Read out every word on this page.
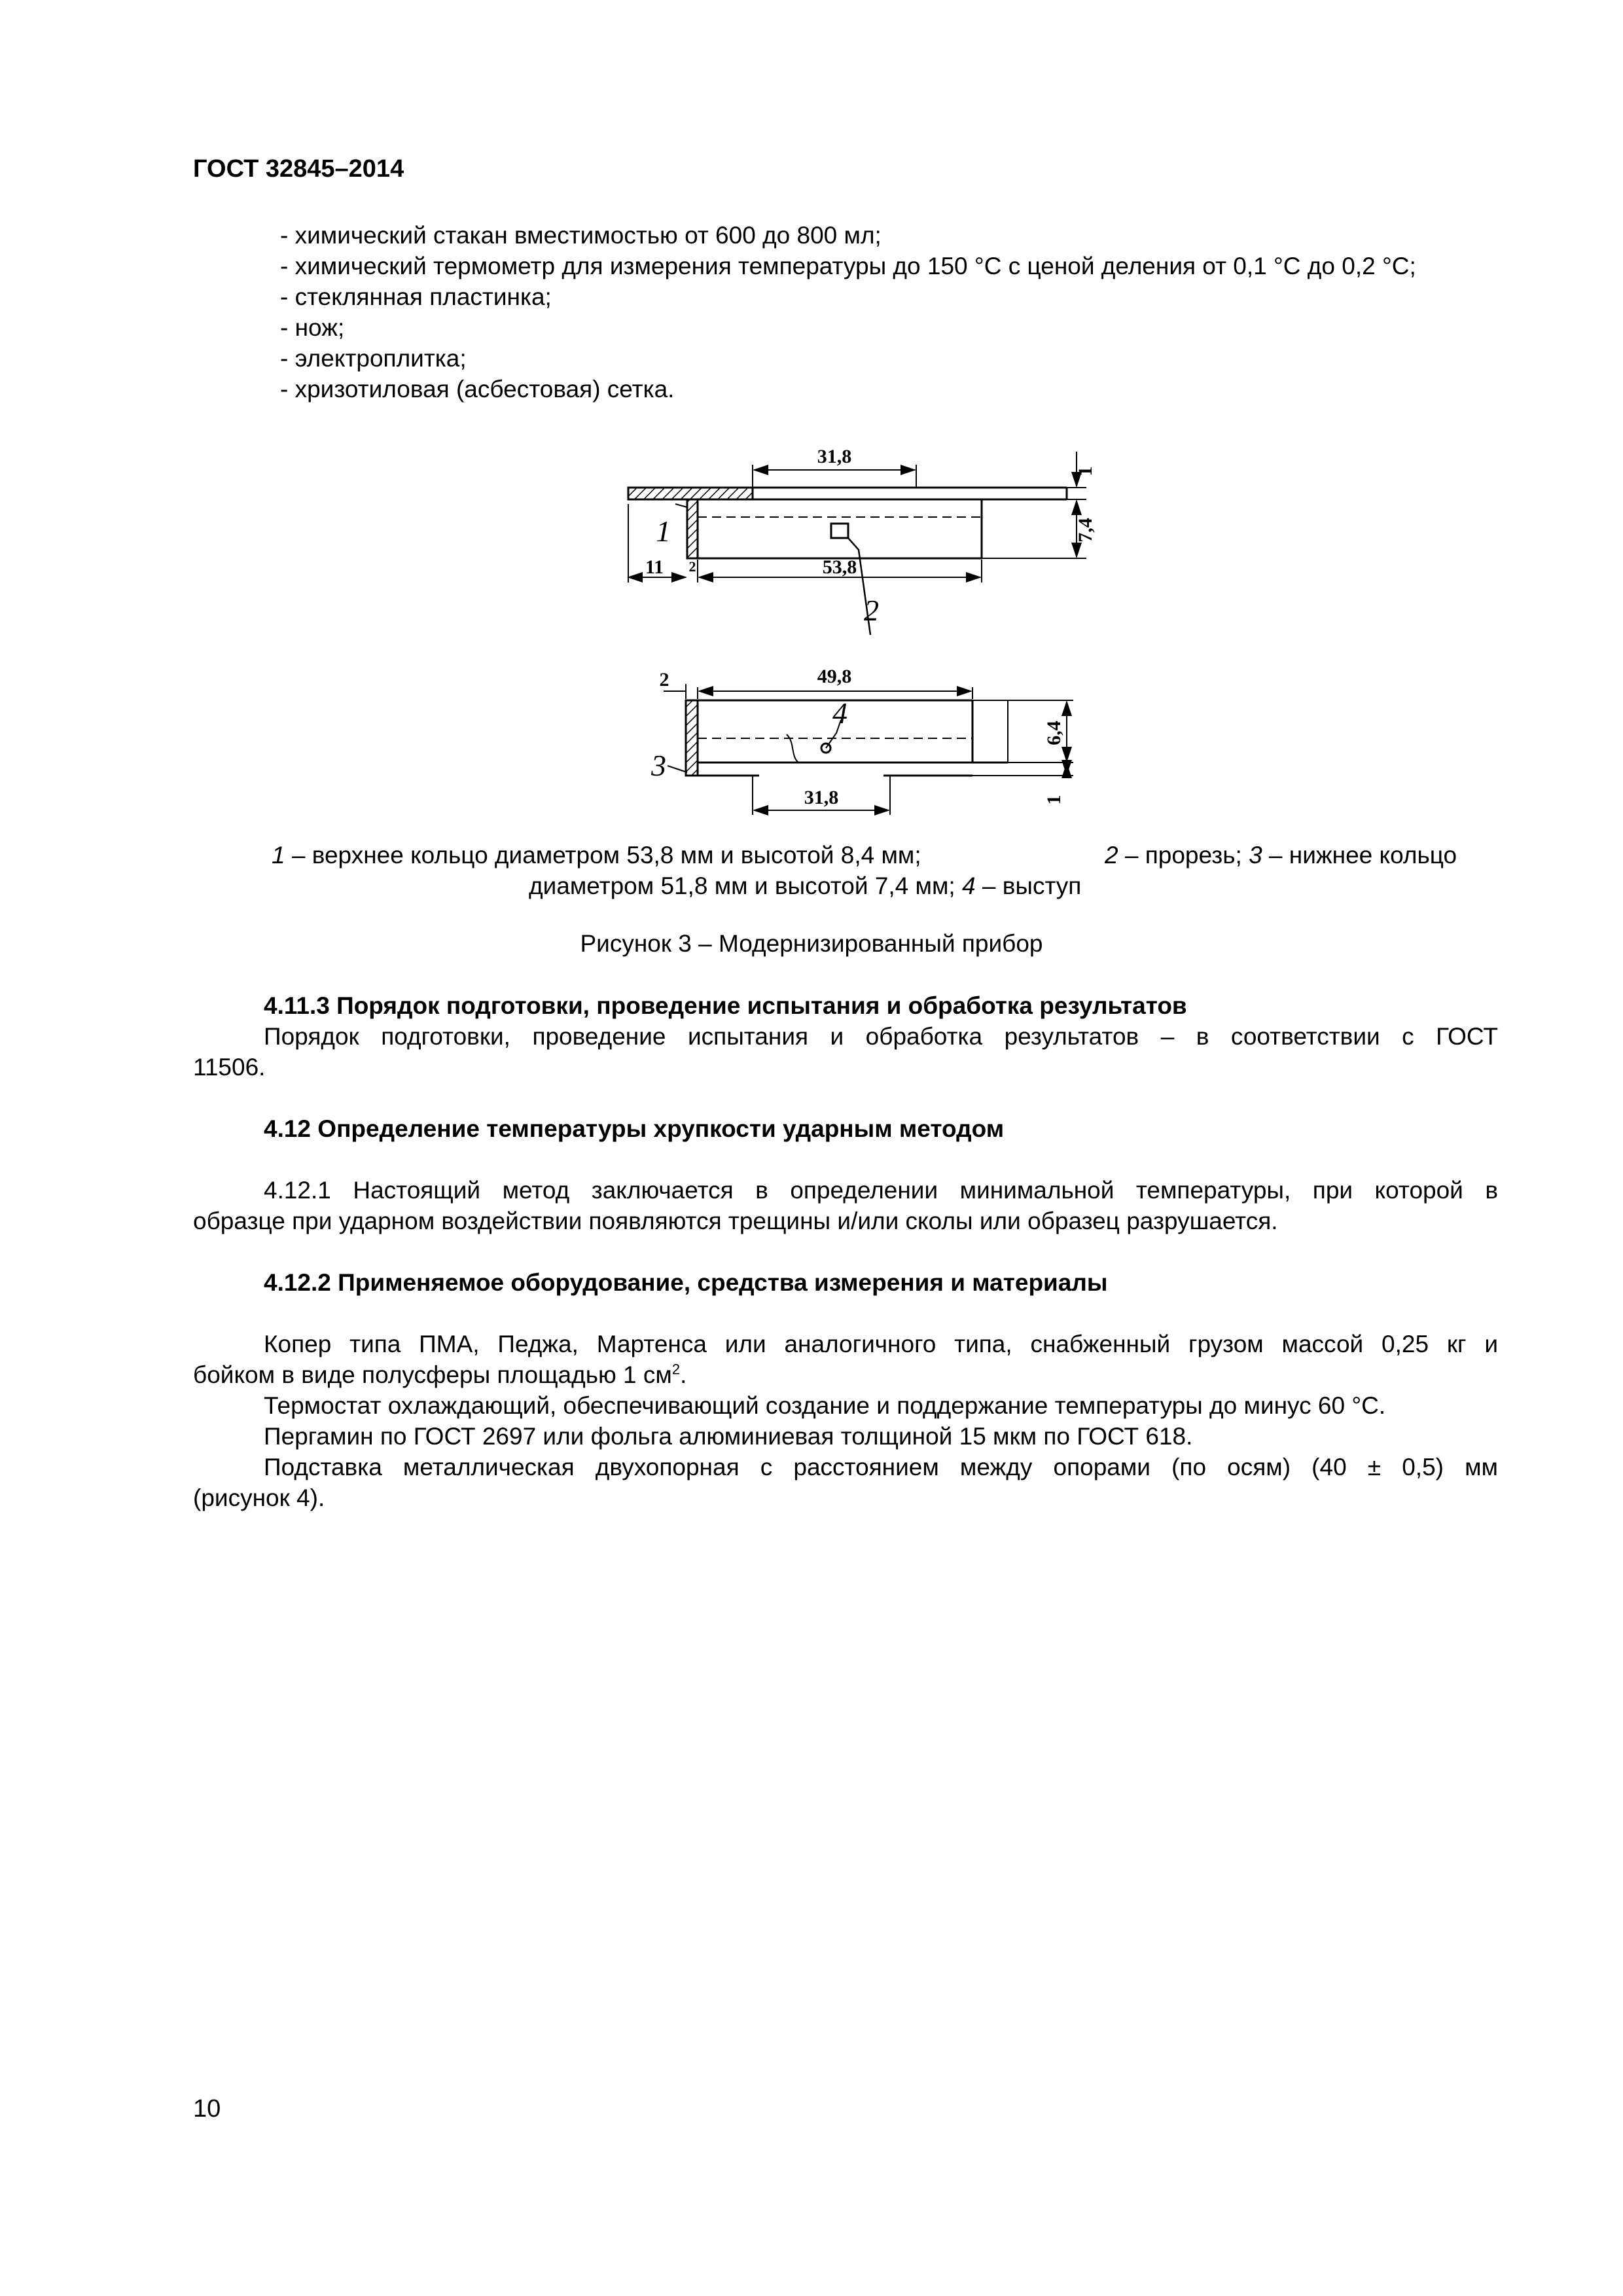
ГОСТ 32845–2014
- химический стакан вместимостью от 600 до 800 мл;
- химический термометр для измерения температуры до 150 °С с ценой деления от 0,1 °С до 0,2 °С;
- стеклянная пластинка;
- нож;
- электроплитка;
- хризотиловая (асбестовая) сетка.
31,8
53,8
11 2
1
7,4
1
2
49,8
2
31,8
6,4
1
3
4
1 – верхнее кольцо диаметром 53,8 мм и высотой 8,4 мм;	2 – прорезь; 3 – нижнее кольцо
диаметром 51,8 мм и высотой 7,4 мм; 4 – выступ
Рисунок 3 – Модернизированный прибор
4.11.3 Порядок подготовки, проведение испытания и обработка результатов
Порядок подготовки, проведение испытания и обработка результатов – в соответствии с ГОСТ
11506.
4.12 Определение температуры хрупкости ударным методом
4.12.1 Настоящий метод заключается в определении минимальной температуры, при которой в
образце при ударном воздействии появляются трещины и/или сколы или образец разрушается.
4.12.2 Применяемое оборудование, средства измерения и материалы
Копер типа ПМА, Педжа, Мартенса или аналогичного типа, снабженный грузом массой 0,25 кг и
бойком в виде полусферы площадью 1 $см^2$.
Термостат охлаждающий, обеспечивающий создание и поддержание температуры до минус 60 °С.
Пергамин по ГОСТ 2697 или фольга алюминиевая толщиной 15 мкм по ГОСТ 618.
Подставка металлическая двухопорная с расстоянием между опорами (по осям) (40 ± 0,5) мм
(рисунок 4).
10
